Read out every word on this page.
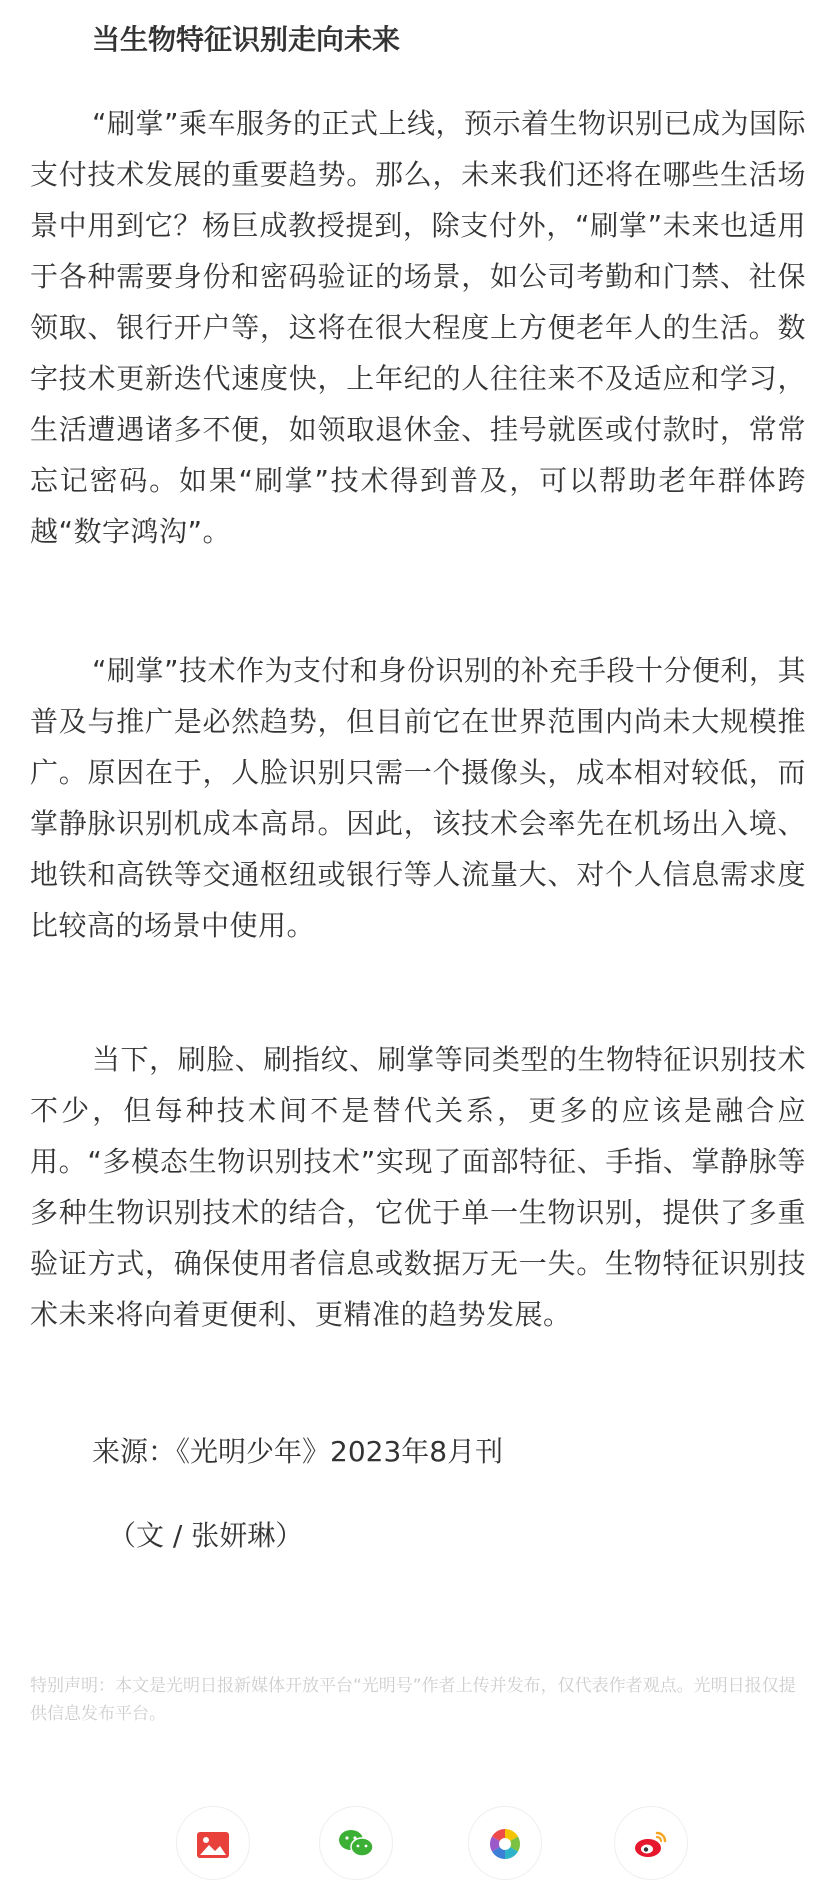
当生物特征识别走向未来

“刷掌”乘车服务的正式上线，预示着生物识别已成为国际支付技术发展的重要趋势。那么，未来我们还将在哪些生活场景中用到它？杨巨成教授提到，除支付外，“刷掌”未来也适用于各种需要身份和密码验证的场景，如公司考勤和门禁、社保领取、银行开户等，这将在很大程度上方便老年人的生活。数字技术更新迭代速度快，上年纪的人往往来不及适应和学习，生活遭遇诸多不便，如领取退休金、挂号就医或付款时，常常忘记密码。如果“刷掌”技术得到普及，可以帮助老年群体跨越“数字鸿沟”。

“刷掌”技术作为支付和身份识别的补充手段十分便利，其普及与推广是必然趋势，但目前它在世界范围内尚未大规模推广。原因在于，人脸识别只需一个摄像头，成本相对较低，而掌静脉识别机成本高昂。因此，该技术会率先在机场出入境、地铁和高铁等交通枢纽或银行等人流量大、对个人信息需求度比较高的场景中使用。

当下，刷脸、刷指纹、刷掌等同类型的生物特征识别技术不少，但每种技术间不是替代关系，更多的应该是融合应用。“多模态生物识别技术”实现了面部特征、手指、掌静脉等多种生物识别技术的结合，它优于单一生物识别，提供了多重验证方式，确保使用者信息或数据万无一失。生物特征识别技术未来将向着更便利、更精准的趋势发展。

来源：《光明少年》2023年8月刊
（文 / 张妍琳）
特别声明：本文是光明日报新媒体开放平台“光明号”作者上传并发布，仅代表作者观点。光明日报仅提供信息发布平台。
